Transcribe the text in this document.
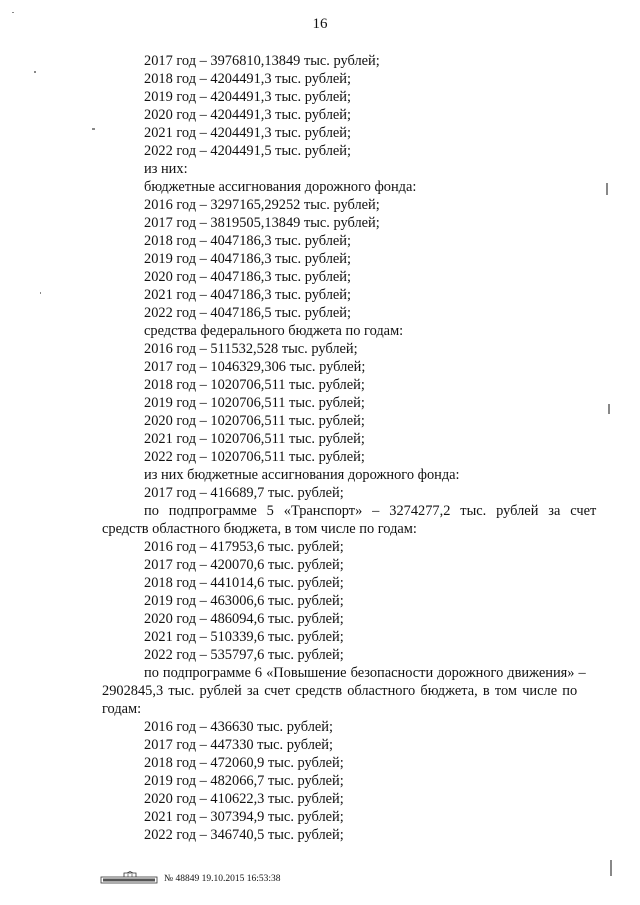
16
2017 год – 3976810,13849 тыс. рублей;
2018 год – 4204491,3 тыс. рублей;
2019 год – 4204491,3 тыс. рублей;
2020 год – 4204491,3 тыс. рублей;
2021 год – 4204491,3 тыс. рублей;
2022 год – 4204491,5 тыс. рублей;
из них:
бюджетные ассигнования дорожного фонда:
2016 год – 3297165,29252 тыс. рублей;
2017 год – 3819505,13849 тыс. рублей;
2018 год – 4047186,3 тыс. рублей;
2019 год – 4047186,3 тыс. рублей;
2020 год – 4047186,3 тыс. рублей;
2021 год – 4047186,3 тыс. рублей;
2022 год – 4047186,5 тыс. рублей;
средства федерального бюджета по годам:
2016 год – 511532,528 тыс. рублей;
2017 год – 1046329,306 тыс. рублей;
2018 год – 1020706,511 тыс. рублей;
2019 год – 1020706,511 тыс. рублей;
2020 год – 1020706,511 тыс. рублей;
2021 год – 1020706,511 тыс. рублей;
2022 год – 1020706,511 тыс. рублей;
из них бюджетные ассигнования дорожного фонда:
2017 год – 416689,7 тыс. рублей;
по подпрограмме 5 «Транспорт» – 3274277,2 тыс. рублей за счет
средств областного бюджета, в том числе по годам:
2016 год – 417953,6 тыс. рублей;
2017 год – 420070,6 тыс. рублей;
2018 год – 441014,6 тыс. рублей;
2019 год – 463006,6 тыс. рублей;
2020 год – 486094,6 тыс. рублей;
2021 год – 510339,6 тыс. рублей;
2022 год – 535797,6 тыс. рублей;
по подпрограмме 6 «Повышение безопасности дорожного движения» –
2902845,3 тыс. рублей за счет средств областного бюджета, в том числе по
годам:
2016 год – 436630 тыс. рублей;
2017 год – 447330 тыс. рублей;
2018 год – 472060,9 тыс. рублей;
2019 год – 482066,7 тыс. рублей;
2020 год – 410622,3 тыс. рублей;
2021 год – 307394,9 тыс. рублей;
2022 год – 346740,5 тыс. рублей;
№ 48849 19.10.2015 16:53:38
